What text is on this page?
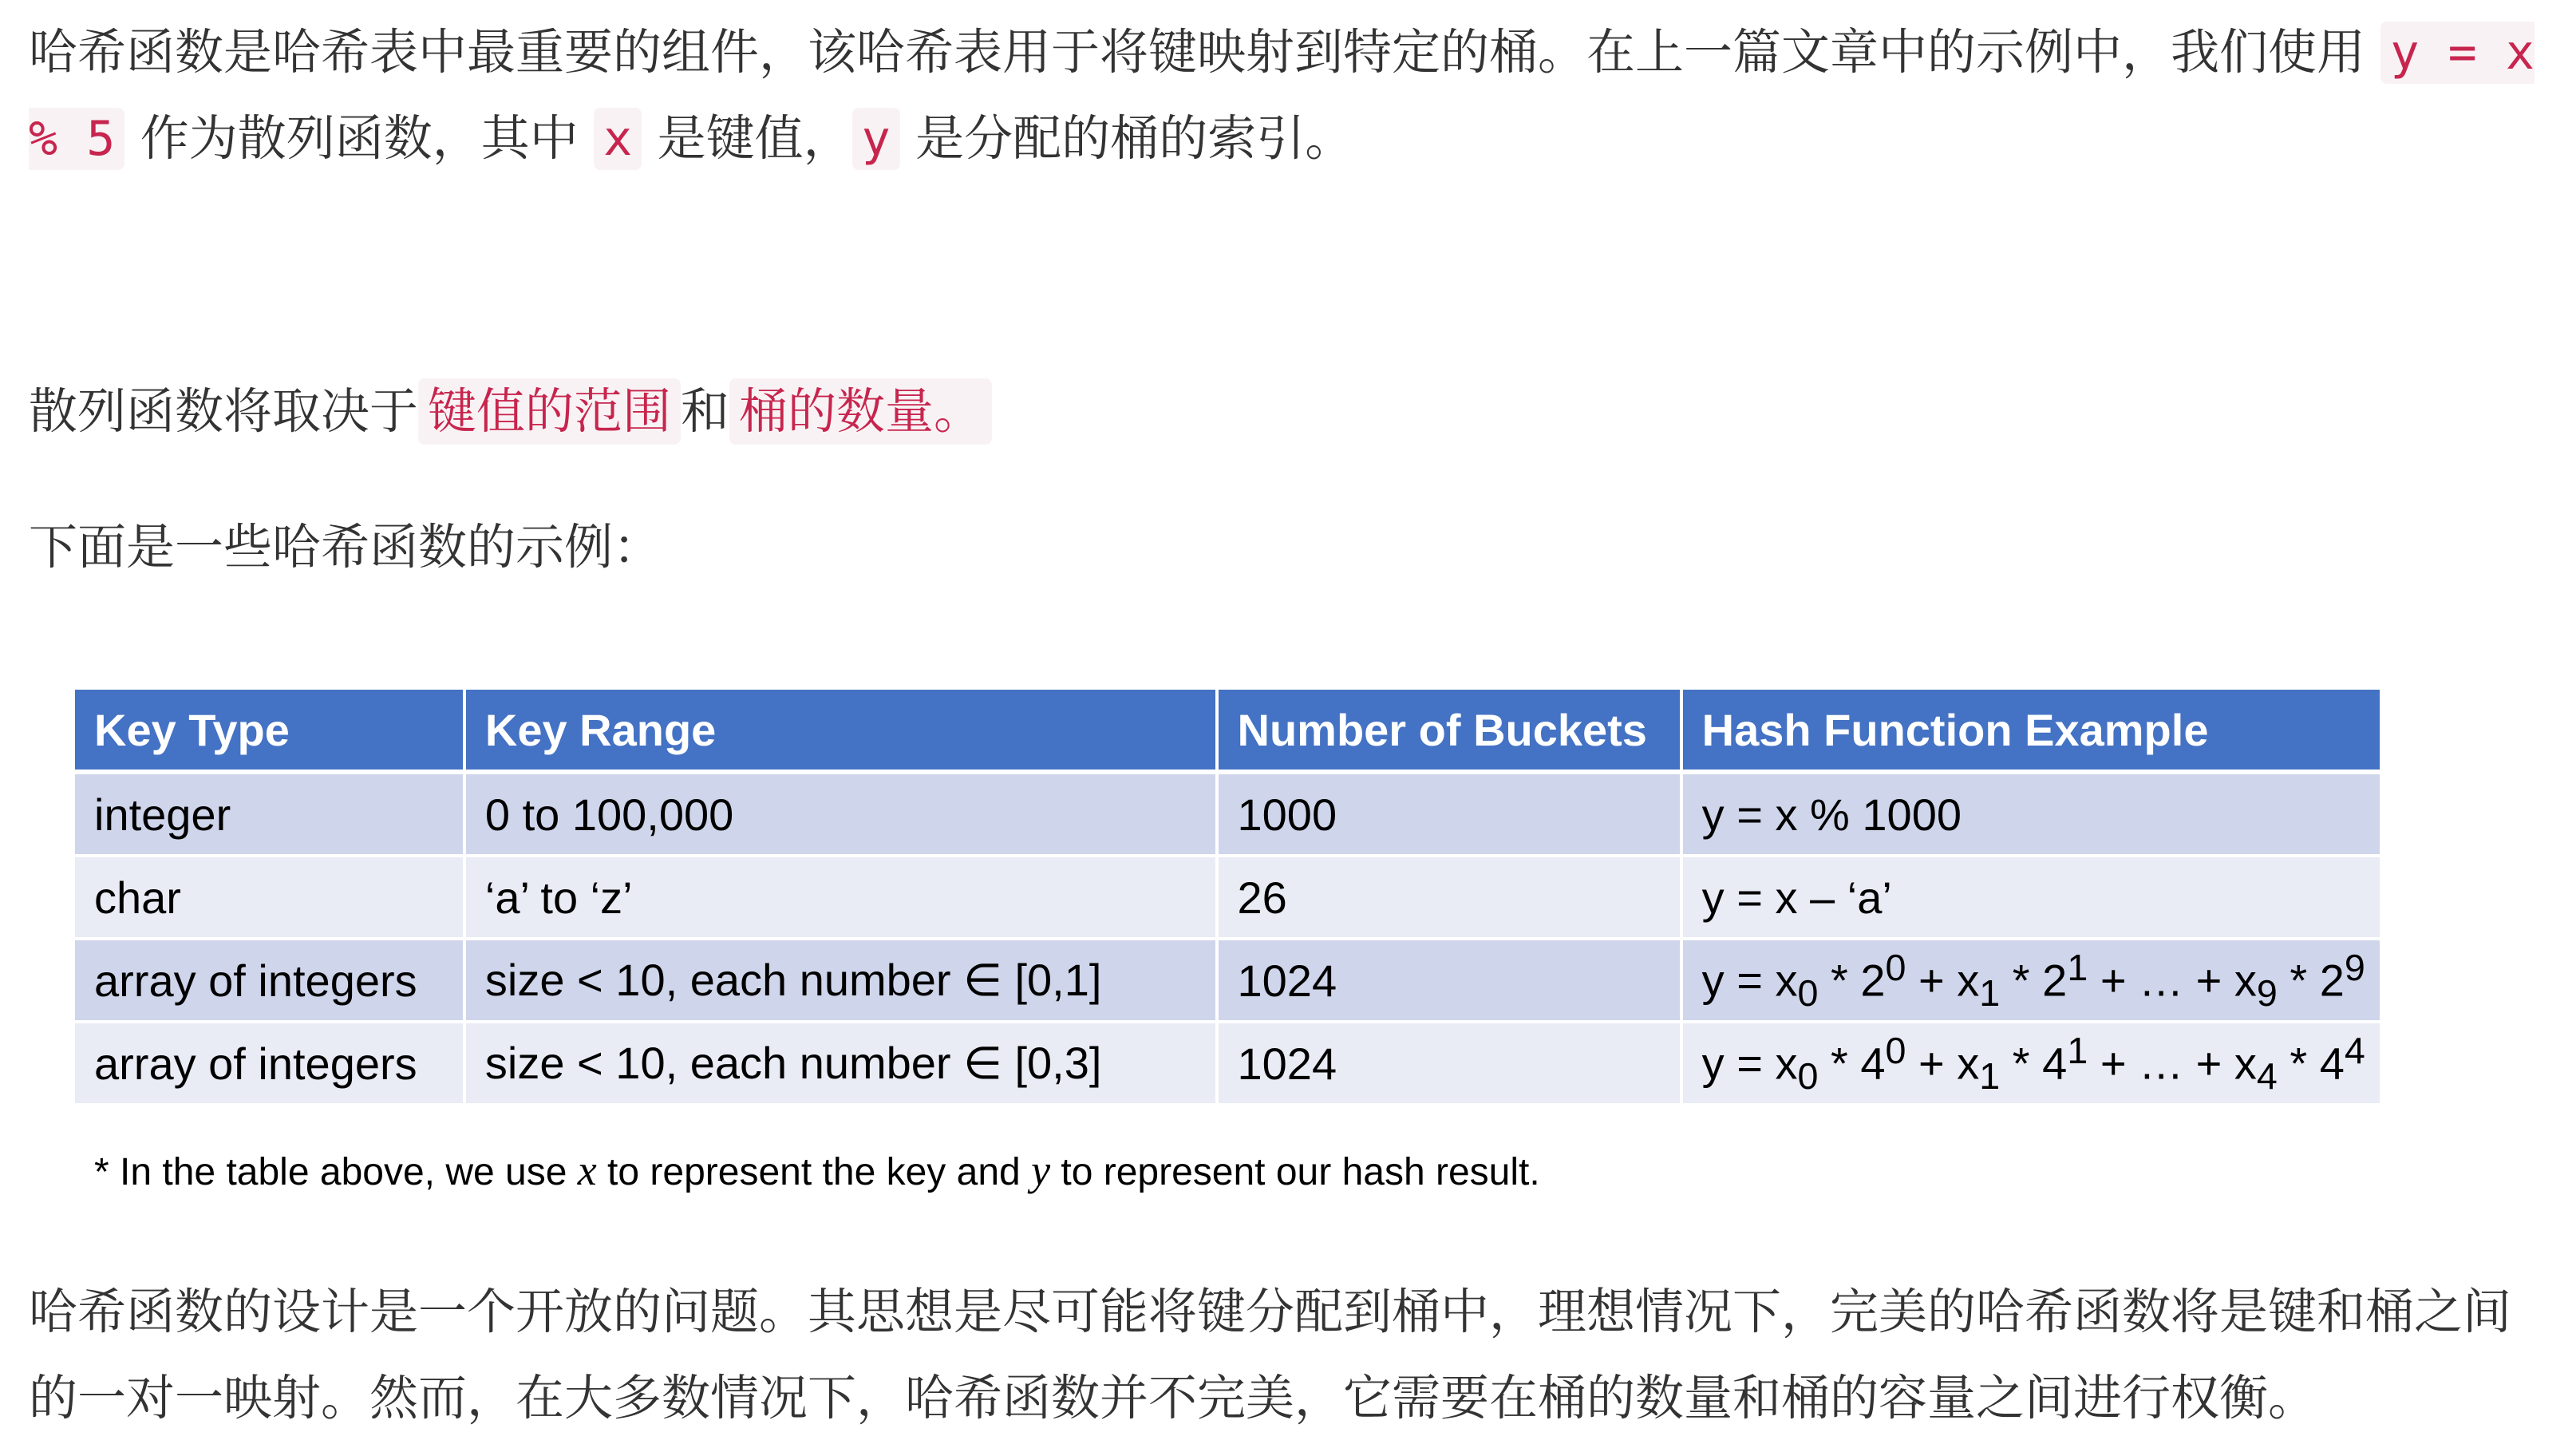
哈希函数是哈希表中最重要的组件，该哈希表用于将键映射到特定的桶。在上一篇文章中的示例中，我们使用 y = x % 5 作为散列函数，其中 x 是键值， y 是分配的桶的索引。

散列函数将取决于 键值的范围 和 桶的数量。

下面是一些哈希函数的示例：

Key Type	Key Range	Number of Buckets	Hash Function Example
integer	0 to 100,000	1000	y = x % 1000
char	‘a’ to ‘z’	26	y = x – ‘a’
array of integers	size < 10, each number ∈ [0,1]	1024	$y = x_0 * 2^0 + x_1 * 2^1$ + … + $x_9 * 2^9$
array of integers	size < 10, each number ∈ [0,3]	1024	$y = x_0 * 4^0 + x_1 * 4^1$ + … + $x_4 * 4^4$
* In the table above, we use x to represent the key and y to represent our hash result.

哈希函数的设计是一个开放的问题。其思想是尽可能将键分配到桶中，理想情况下，完美的哈希函数将是键和桶之间的一对一映射。然而，在大多数情况下，哈希函数并不完美，它需要在桶的数量和桶的容量之间进行权衡。
